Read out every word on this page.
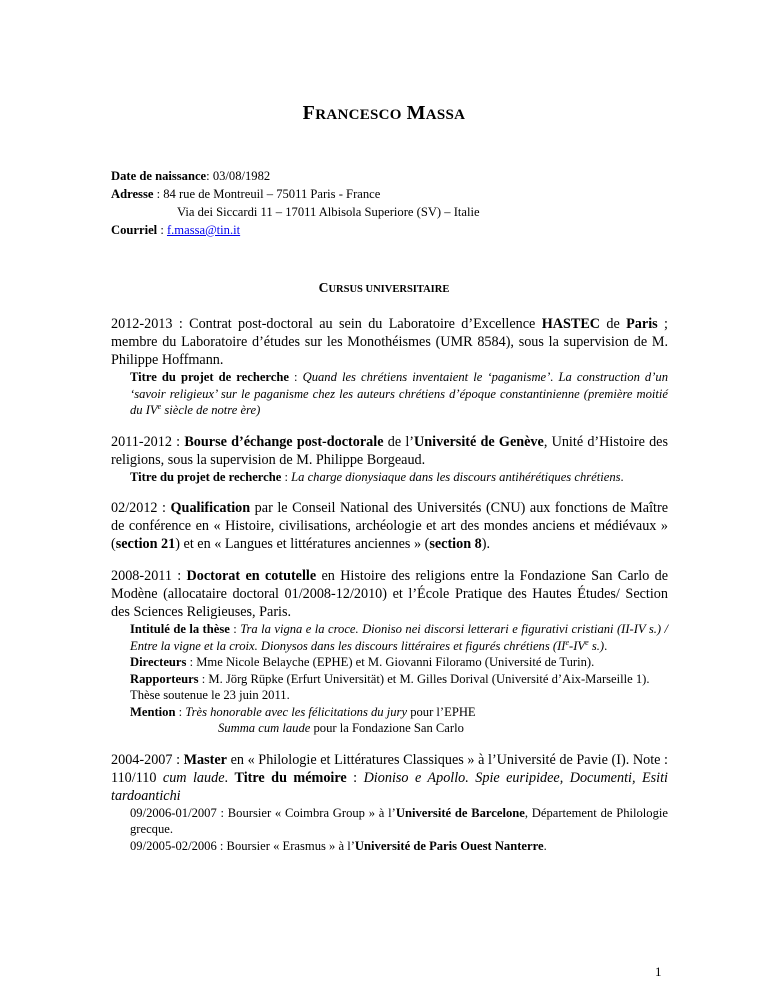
FRANCESCO MASSA
Date de naissance: 03/08/1982
Adresse : 84 rue de Montreuil – 75011 Paris - France
Via dei Siccardi 11 – 17011 Albisola Superiore (SV) – Italie
Courriel : f.massa@tin.it
CURSUS UNIVERSITAIRE

2012-2013 : Contrat post-doctoral au sein du Laboratoire d’Excellence HASTEC de Paris ; membre du Laboratoire d’études sur les Monothéismes (UMR 8584), sous la supervision de M. Philippe Hoffmann.

Titre du projet de recherche : Quand les chrétiens inventaient le ‘paganisme’. La construction d’un ‘savoir religieux’ sur le paganisme chez les auteurs chrétiens d’époque constantinienne (première moitié du IVe siècle de notre ère)

2011-2012 : Bourse d’échange post-doctorale de l’Université de Genève, Unité d’Histoire des religions, sous la supervision de M. Philippe Borgeaud.

Titre du projet de recherche : La charge dionysiaque dans les discours antihérétiques chrétiens.

02/2012 : Qualification par le Conseil National des Universités (CNU) aux fonctions de Maître de conférence en « Histoire, civilisations, archéologie et art des mondes anciens et médiévaux » (section 21) et en « Langues et littératures anciennes » (section 8).

2008-2011 : Doctorat en cotutelle en Histoire des religions entre la Fondazione San Carlo de Modène (allocataire doctoral 01/2008-12/2010) et l’École Pratique des Hautes Études/ Section des Sciences Religieuses, Paris.

Intitulé de la thèse : Tra la vigna e la croce. Dioniso nei discorsi letterari e figurativi cristiani (II-IV s.) / Entre la vigne et la croix. Dionysos dans les discours littéraires et figurés chrétiens (IIe-IVe s.).
Directeurs : Mme Nicole Belayche (EPHE) et M. Giovanni Filoramo (Université de Turin).
Rapporteurs : M. Jörg Rüpke (Erfurt Universität) et M. Gilles Dorival (Université d’Aix-Marseille 1).
Thèse soutenue le 23 juin 2011.
Mention : Très honorable avec les félicitations du jury pour l’EPHE
Summa cum laude pour la Fondazione San Carlo

2004-2007 : Master en « Philologie et Littératures Classiques » à l’Université de Pavie (I). Note : 110/110 cum laude. Titre du mémoire : Dioniso e Apollo. Spie euripidee, Documenti, Esiti tardoantichi

09/2006-01/2007 : Boursier « Coimbra Group » à l’Université de Barcelone, Département de Philologie grecque.
09/2005-02/2006 : Boursier « Erasmus » à l’Université de Paris Ouest Nanterre.
1
